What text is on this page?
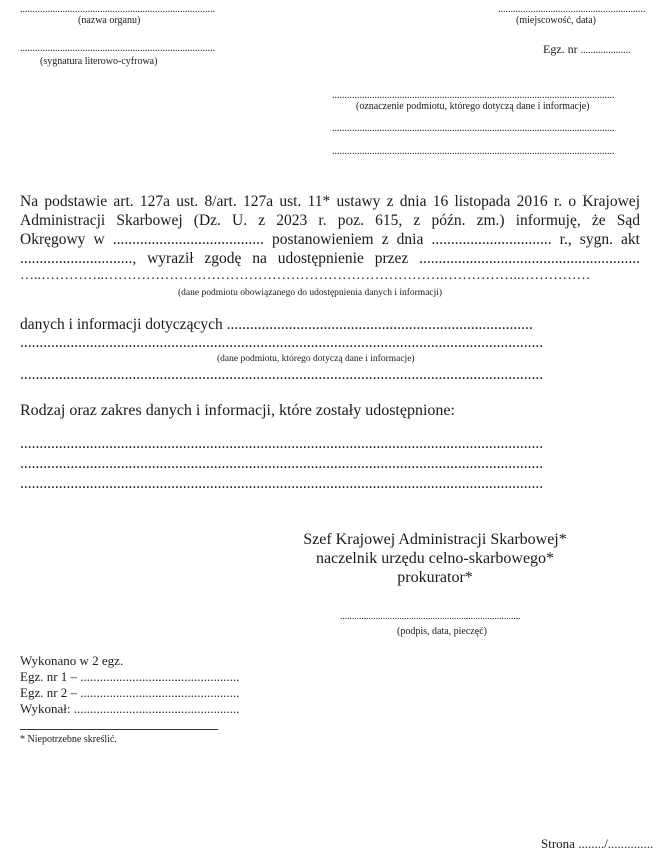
..............................................................................
(nazwa organu)
...........................................................
(miejscowość, data)
..............................................................................
(sygnatura literowo-cyfrowa)
Egz. nr ....................
.................................................................................................................
(oznaczenie podmiotu, którego dotyczą dane i informacje)
.................................................................................................................
.................................................................................................................
Na podstawie art. 127a ust. 8/art. 127a ust. 11* ustawy z dnia 16 listopada 2016 r. o Krajowej
Administracji Skarbowej (Dz. U. z 2023 r. poz. 615, z późn. zm.) informuję, że Sąd
Okręgowy w ....................................... postanowieniem z dnia ............................... r., sygn. akt
............................., wyraził zgodę na udostępnienie przez .........................................................
…..…………..……………………………………………………………….……………..……………
(dane podmiotu obowiązanego do udostępnienia danych i informacji)
danych i informacji dotyczących ...............................................................................
.......................................................................................................................................
(dane podmiotu, którego dotyczą dane i informacje)
.......................................................................................................................................
Rodzaj oraz zakres danych i informacji, które zostały udostępnione:
.......................................................................................................................................
.......................................................................................................................................
.......................................................................................................................................
Szef Krajowej Administracji Skarbowej*
naczelnik urzędu celno-skarbowego*
prokurator*
............................................................................
(podpis, data, pieczęć)
Wykonano w 2 egz.
Egz. nr 1 – .................................................
Egz. nr 2 – .................................................
Wykonał: ...................................................
* Niepotrzebne skreślić.
Strona ......../..............
